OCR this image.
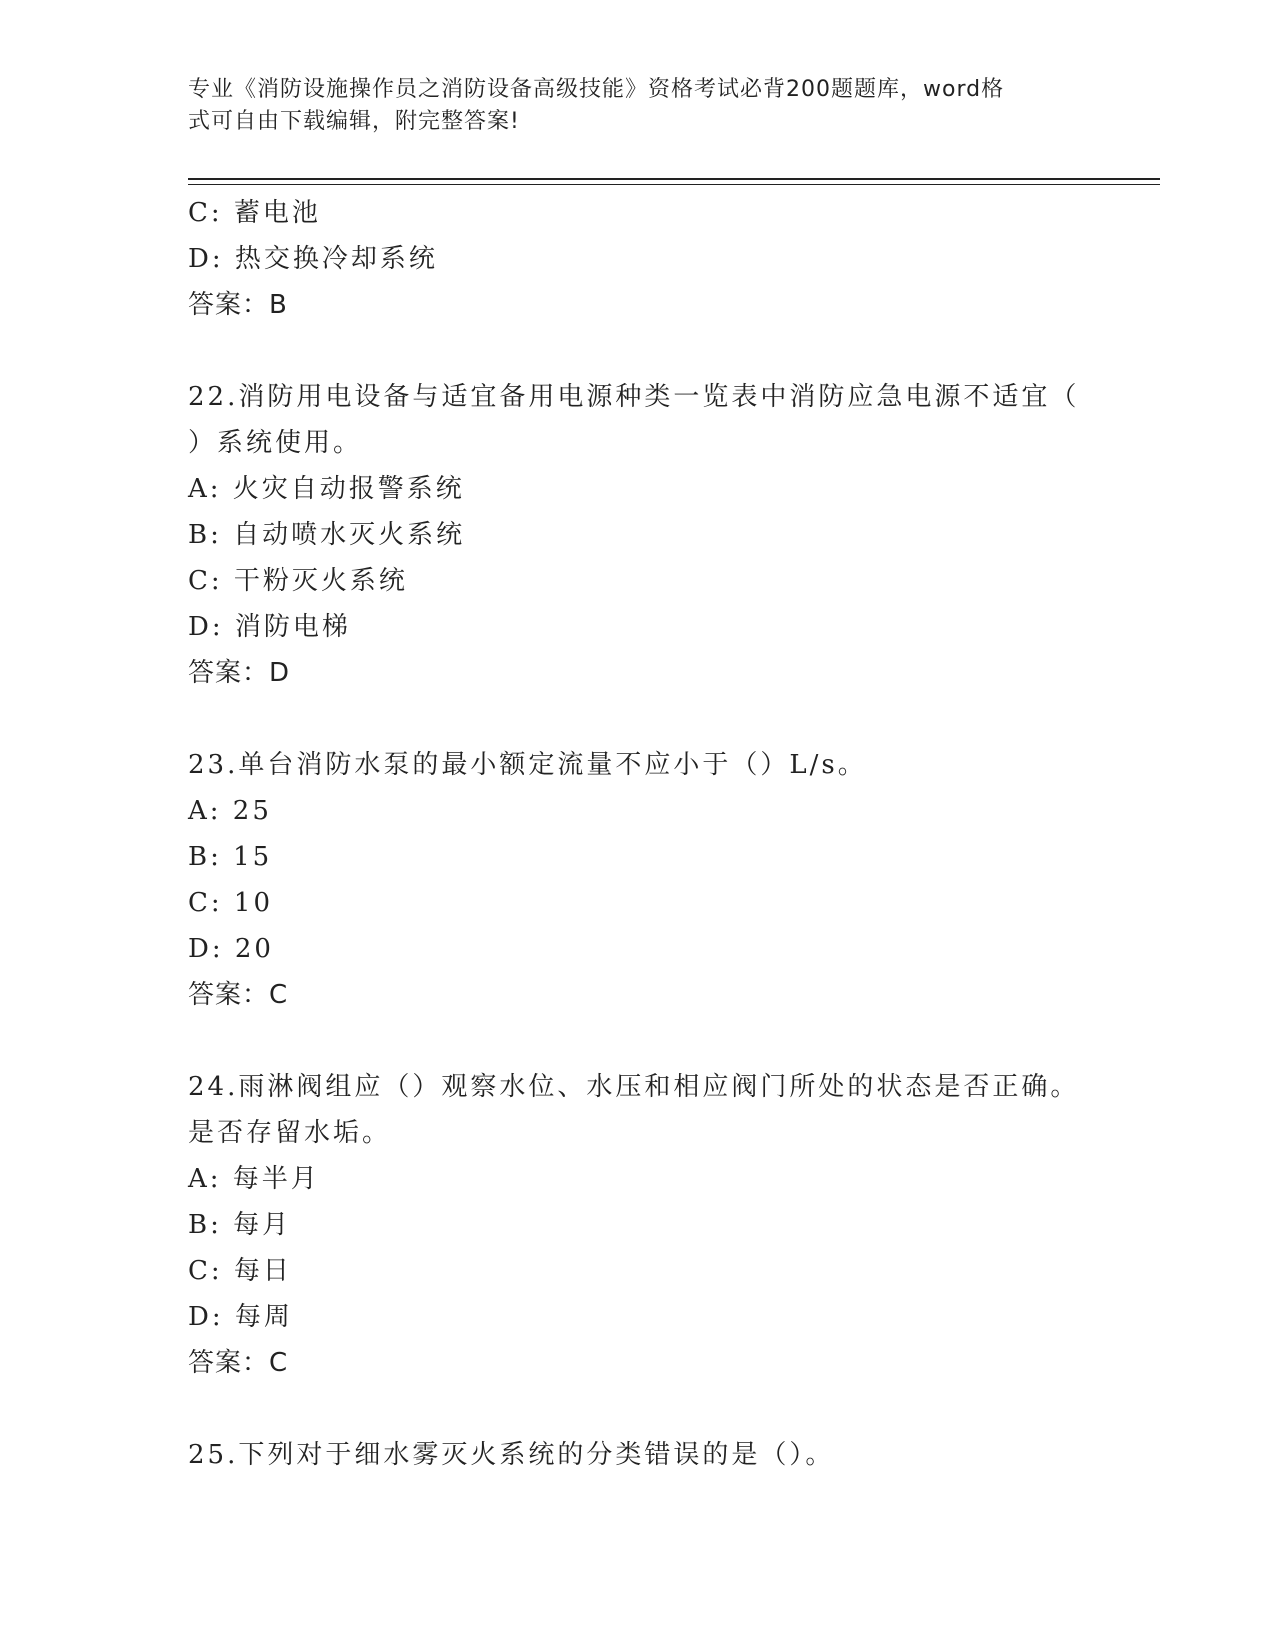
专业《消防设施操作员之消防设备高级技能》资格考试必背200题题库，word格
式可自由下载编辑，附完整答案!
C: 蓄电池
D: 热交换冷却系统
答案：B
22.消防用电设备与适宜备用电源种类一览表中消防应急电源不适宜（
）系统使用。
A: 火灾自动报警系统
B: 自动喷水灭火系统
C: 干粉灭火系统
D: 消防电梯
答案：D
23.单台消防水泵的最小额定流量不应小于（）L/s。
A: 25
B: 15
C: 10
D: 20
答案：C
24.雨淋阀组应（）观察水位、水压和相应阀门所处的状态是否正确。
是否存留水垢。
A: 每半月
B: 每月
C: 每日
D: 每周
答案：C
25.下列对于细水雾灭火系统的分类错误的是（）。
